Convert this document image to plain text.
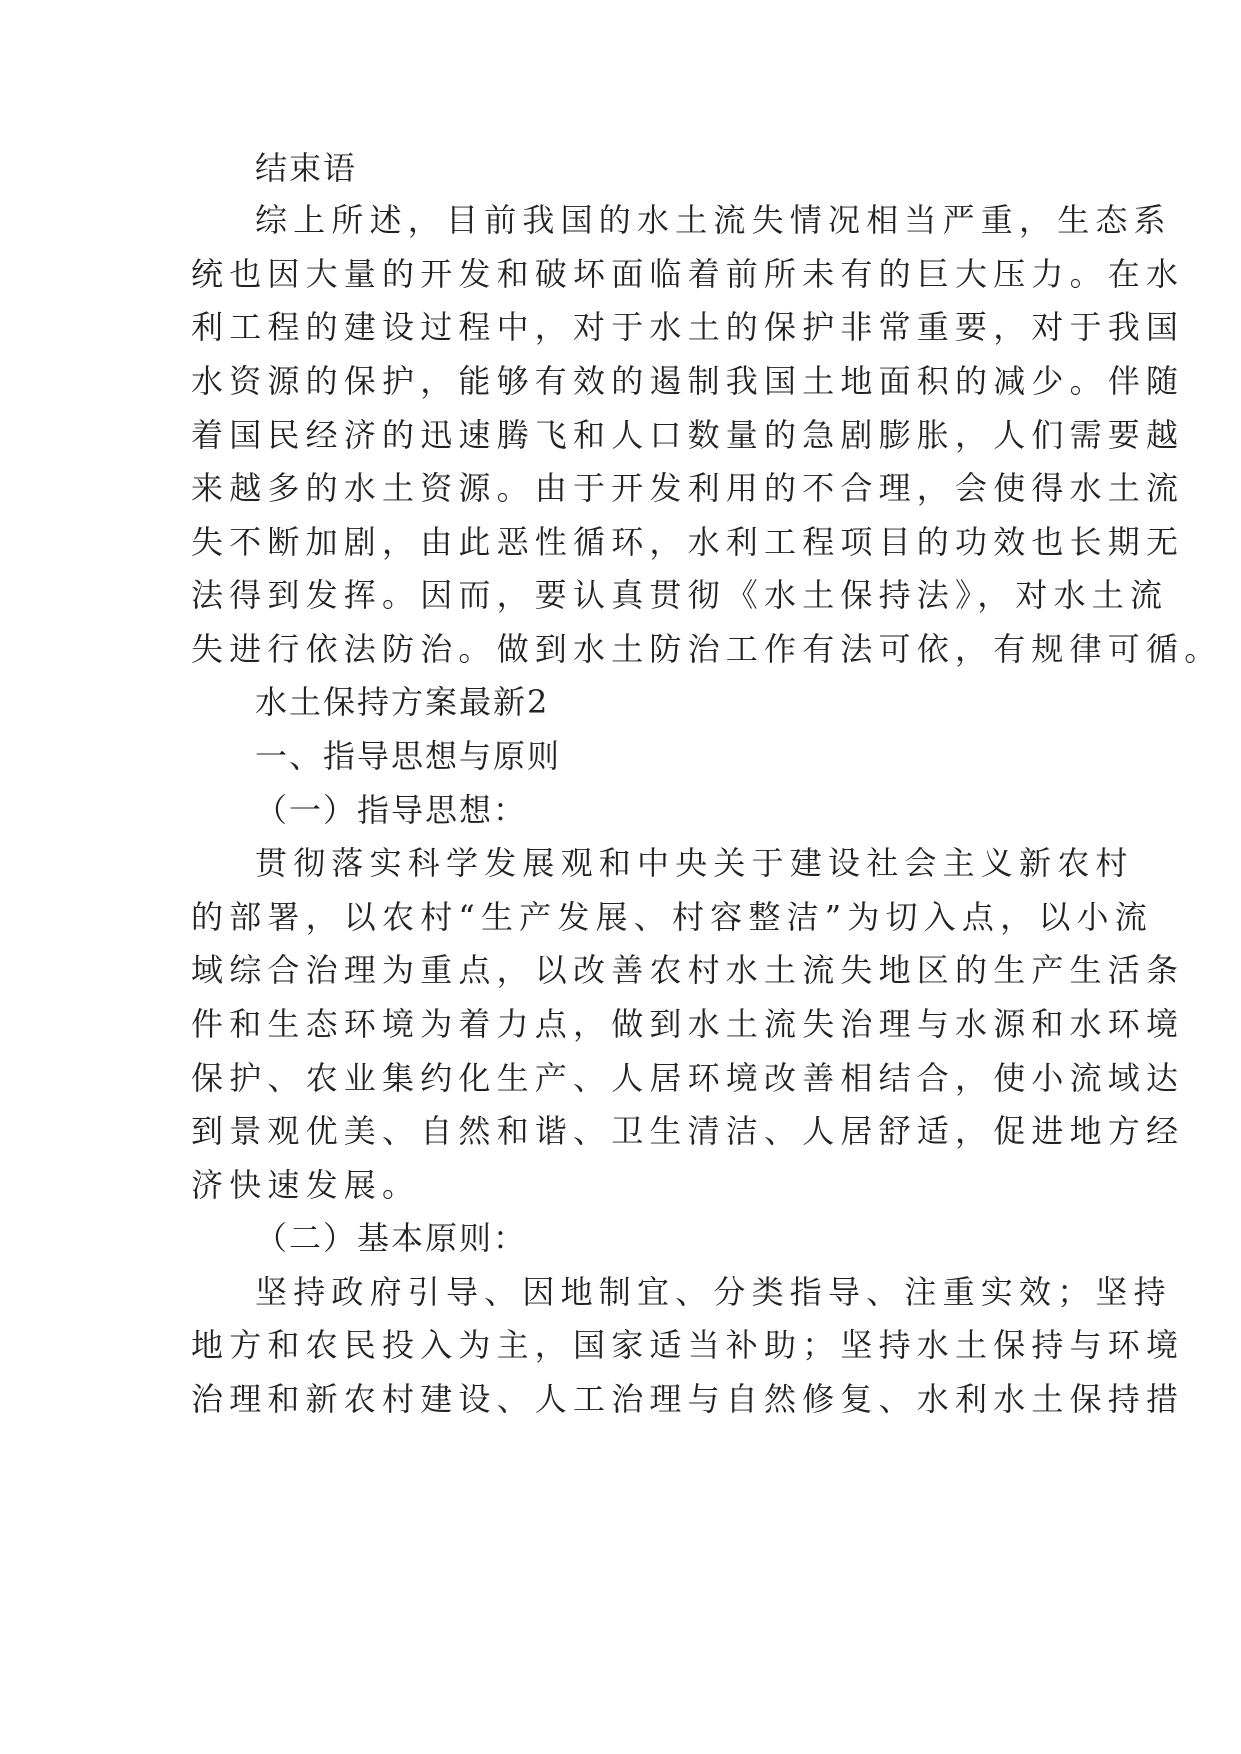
结束语
综上所述，目前我国的水土流失情况相当严重，生态系
统也因大量的开发和破坏面临着前所未有的巨大压力。在水
利工程的建设过程中，对于水土的保护非常重要，对于我国
水资源的保护，能够有效的遏制我国土地面积的减少。伴随
着国民经济的迅速腾飞和人口数量的急剧膨胀，人们需要越
来越多的水土资源。由于开发利用的不合理，会使得水土流
失不断加剧，由此恶性循环，水利工程项目的功效也长期无
法得到发挥。因而，要认真贯彻《水土保持法》，对水土流
失进行依法防治。做到水土防治工作有法可依，有规律可循。
水土保持方案最新2
一、指导思想与原则
（一）指导思想：
贯彻落实科学发展观和中央关于建设社会主义新农村
的部署，以农村“生产发展、村容整洁”为切入点，以小流
域综合治理为重点，以改善农村水土流失地区的生产生活条
件和生态环境为着力点，做到水土流失治理与水源和水环境
保护、农业集约化生产、人居环境改善相结合，使小流域达
到景观优美、自然和谐、卫生清洁、人居舒适，促进地方经
济快速发展。
（二）基本原则：
坚持政府引导、因地制宜、分类指导、注重实效；坚持
地方和农民投入为主，国家适当补助；坚持水土保持与环境
治理和新农村建设、人工治理与自然修复、水利水土保持措
